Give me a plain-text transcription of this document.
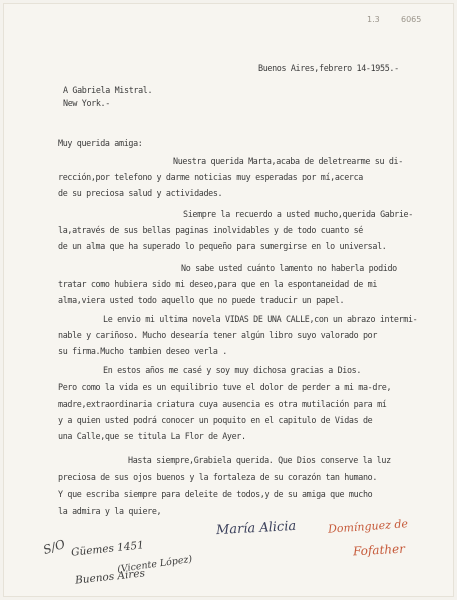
1.3	6065
Buenos Aires,febrero 14-1955.-
A Gabriela Mistral.
New York.-
Muy querida amiga:
Nuestra querida Marta,acaba de deletrearme su di-
rección,por telefono y darme noticias muy esperadas por mí,acerca
de su preciosa salud y actividades.
Siempre la recuerdo a usted mucho,querida Gabrie-
la,através de sus bellas paginas inolvidables y de todo cuanto sé
de un alma que ha superado lo pequeño para sumergirse en lo universal.
No sabe usted cuánto lamento no haberla podido
tratar como hubiera sido mi deseo,para que en la espontaneidad de mi
alma,viera usted todo aquello que no puede traducir un papel.
Le envio mi ultima novela VIDAS DE UNA CALLE,con un abrazo intermi-
nable y cariñoso. Mucho desearía tener algún libro suyo valorado por
su firma.Mucho tambien deseo verla .
En estos años me casé y soy muy dichosa gracias a Dios.
Pero como la vida es un equilibrio tuve el dolor de perder a mi ma-dre,
madre,extraordinaria criatura cuya ausencia es otra mutilación para mí
y a quien usted podrá conocer un poquito en el capitulo de Vidas de
una Calle,que se titula La Flor de Ayer.
Hasta siempre,Grabiela querida. Que Dios conserve la luz
preciosa de sus ojos buenos y la fortaleza de su corazón tan humano.
Y que escriba siempre para deleite de todos,y de su amiga que mucho
la admira y la quiere,
María Alicia	Domínguez de
Fofather
S/O Güemes 1451
(Vicente López)
Buenos Aires
